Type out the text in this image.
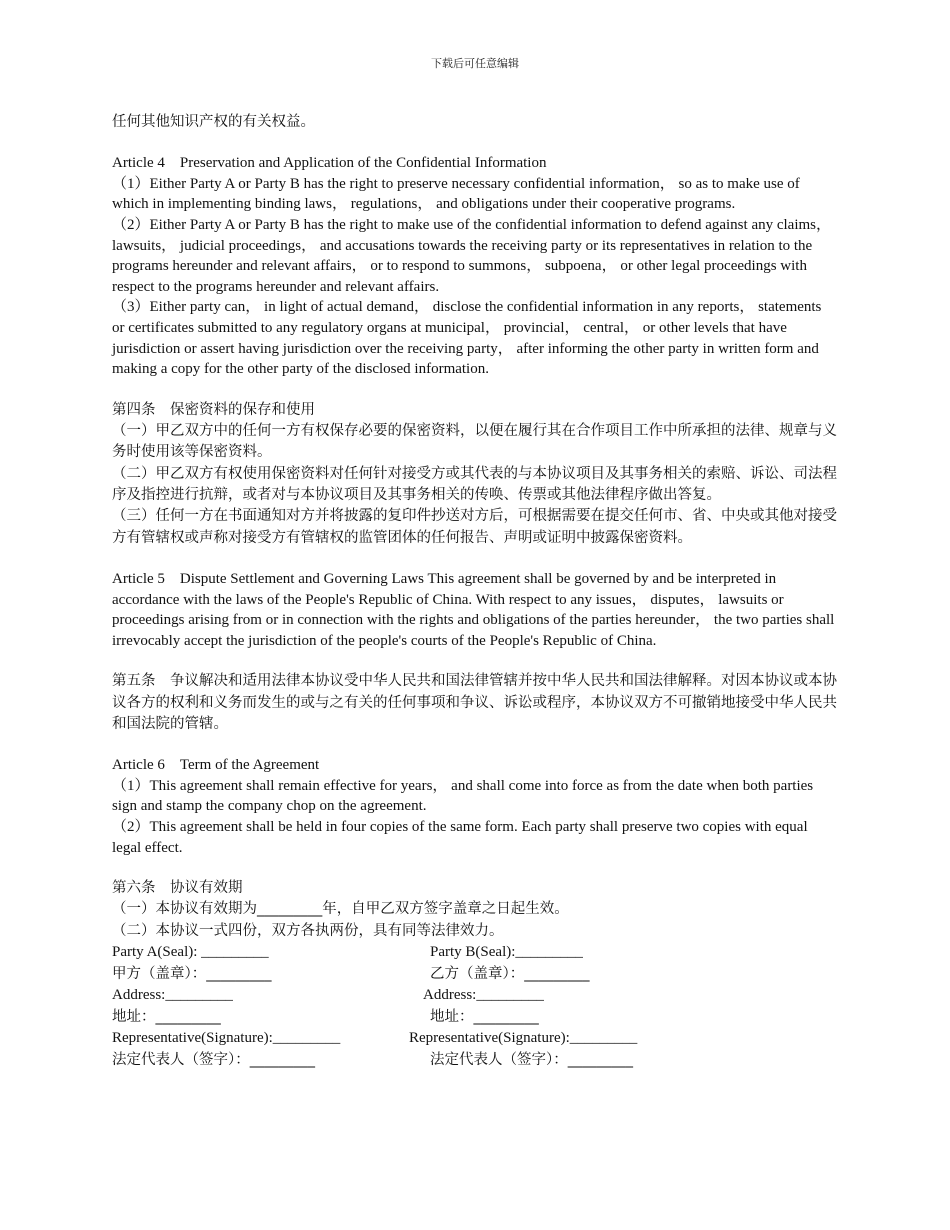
下载后可任意编辑

任何其他知识产权的有关权益。

Article 4　Preservation and Application of the Confidential Information

（1）Either Party A or Party B has the right to preserve necessary confidential information， so as to make use of which in implementing binding laws， regulations， and obligations under their cooperative programs.

（2）Either Party A or Party B has the right to make use of the confidential information to defend against any claims， lawsuits， judicial proceedings， and accusations towards the receiving party or its representatives in relation to the programs hereunder and relevant affairs， or to respond to summons， subpoena， or other legal proceedings with respect to the programs hereunder and relevant affairs.

（3）Either party can， in light of actual demand， disclose the confidential information in any reports， statements or certificates submitted to any regulatory organs at municipal， provincial， central， or other levels that have jurisdiction or assert having jurisdiction over the receiving party， after informing the other party in written form and making a copy for the other party of the disclosed information.

第四条　保密资料的保存和使用

（一）甲乙双方中的任何一方有权保存必要的保密资料，以便在履行其在合作项目工作中所承担的法律、规章与义务时使用该等保密资料。

（二）甲乙双方有权使用保密资料对任何针对接受方或其代表的与本协议项目及其事务相关的索赔、诉讼、司法程序及指控进行抗辩，或者对与本协议项目及其事务相关的传唤、传票或其他法律程序做出答复。

（三）任何一方在书面通知对方并将披露的复印件抄送对方后，可根据需要在提交任何市、省、中央或其他对接受方有管辖权或声称对接受方有管辖权的监管团体的任何报告、声明或证明中披露保密资料。

Article 5　Dispute Settlement and Governing Laws This agreement shall be governed by and be interpreted in accordance with the laws of the People's Republic of China. With respect to any issues， disputes， lawsuits or proceedings arising from or in connection with the rights and obligations of the parties hereunder， the two parties shall irrevocably accept the jurisdiction of the people's courts of the People's Republic of China.

第五条　争议解决和适用法律本协议受中华人民共和国法律管辖并按中华人民共和国法律解释。对因本协议或本协议各方的权利和义务而发生的或与之有关的任何事项和争议、诉讼或程序，本协议双方不可撤销地接受中华人民共和国法院的管辖。

Article 6　Term of the Agreement

（1）This agreement shall remain effective for years， and shall come into force as from the date when both parties sign and stamp the company chop on the agreement.

（2）This agreement shall be held in four copies of the same form. Each party shall preserve two copies with equal legal effect.

第六条　协议有效期

（一）本协议有效期为_________年，自甲乙双方签字盖章之日起生效。

（二）本协议一式四份，双方各执两份，具有同等法律效力。

Party A(Seal): _________	Party B(Seal):_________
甲方（盖章）：_________	乙方（盖章）：_________
Address:_________	Address:_________
地址：_________	地址：_________
Representative(Signature):_________	Representative(Signature):_________
法定代表人（签字）：_________	法定代表人（签字）：_________
